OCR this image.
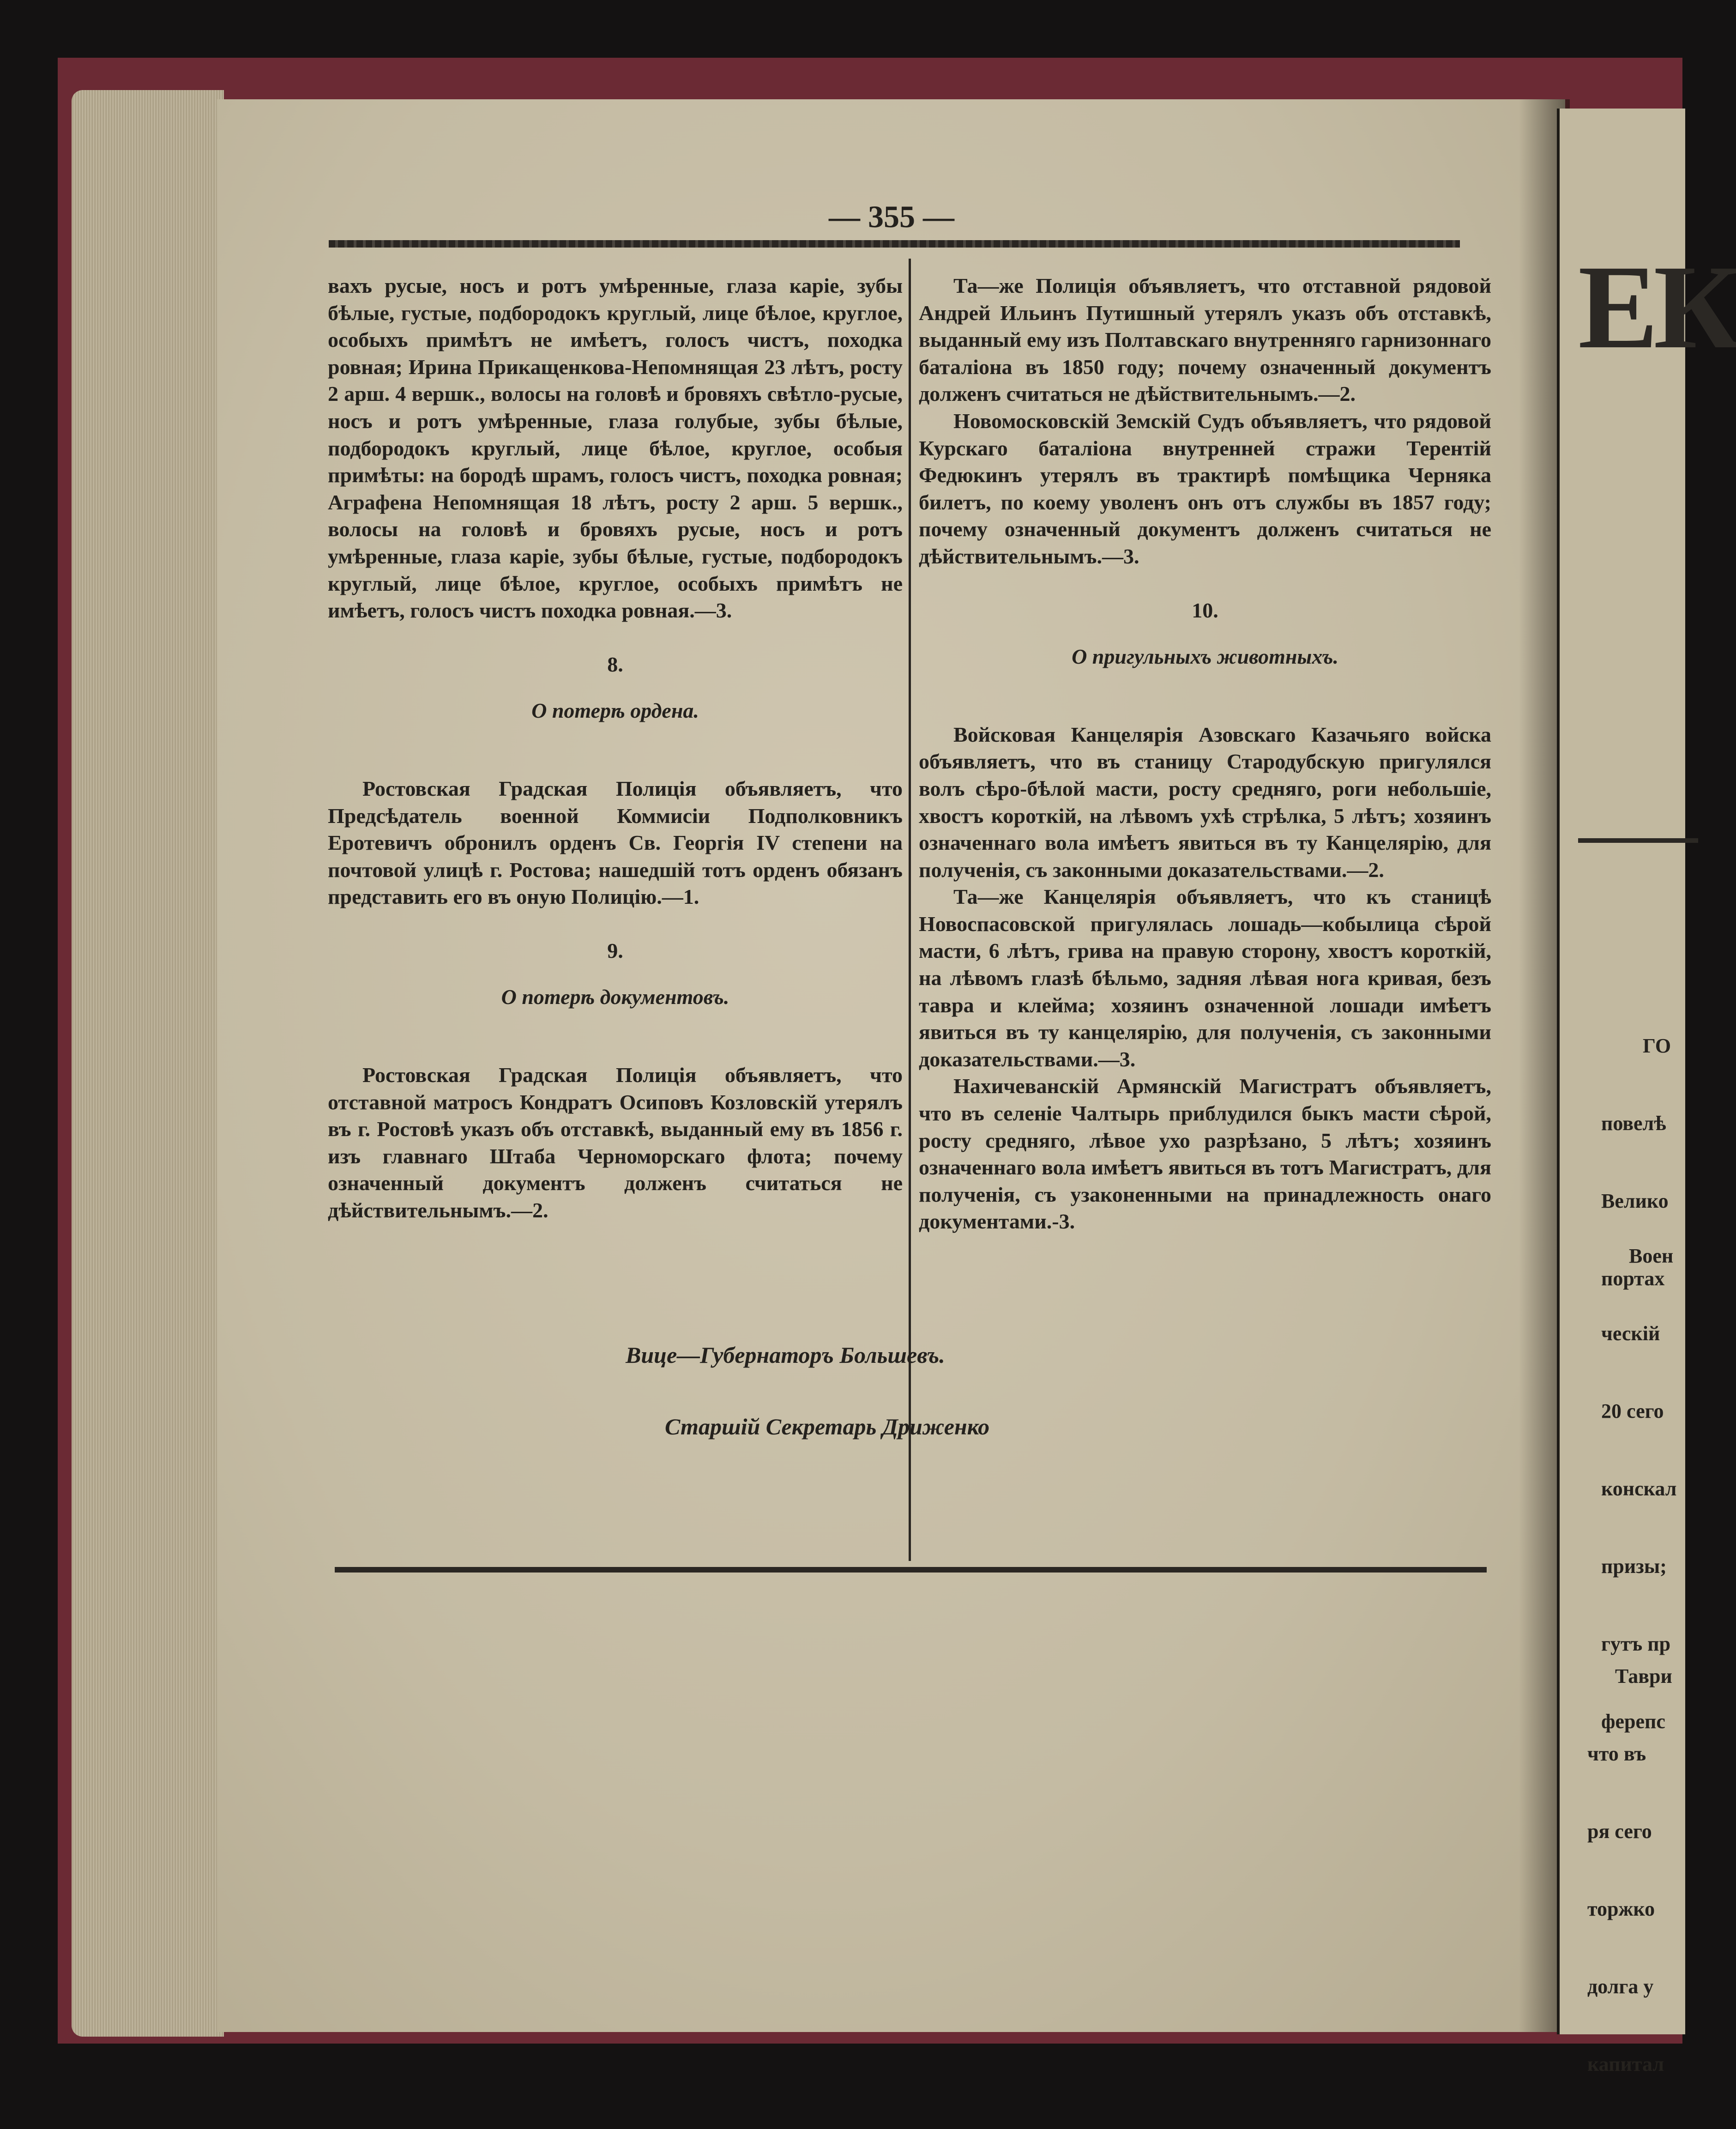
ЕК

ГО

повелѣ

Велико

портах

Воен

ческій

20 сего

конскал

призы;

гутъ пр

ферепс

Таври

что въ

ря сего

торжко

долга у

капитал

— 355 —

вахъ русые, носъ и ротъ умѣренные, глаза каріе, зубы бѣлые, густые, подбородокъ круглый, лице бѣлое, круглое, особыхъ примѣтъ не имѣетъ, голосъ чистъ, походка ровная; Ирина Прикащенкова-Непомнящая 23 лѣтъ, росту 2 арш. 4 вершк., волосы на головѣ и бровяхъ свѣтло-русые, носъ и ротъ умѣренные, глаза голубые, зубы бѣлые, подбородокъ круглый, лице бѣлое, круглое, особыя примѣты: на бородѣ шрамъ, голосъ чистъ, походка ровная; Аграфена Непомнящая 18 лѣтъ, росту 2 арш. 5 вершк., волосы на головѣ и бровяхъ русые, носъ и ротъ умѣренные, глаза каріе, зубы бѣлые, густые, подбородокъ круглый, лице бѣлое, круглое, особыхъ примѣтъ не имѣетъ, голосъ чистъ походка ровная.—3.

8.

О потерѣ ордена.

Ростовская Градская Полиція объявляетъ, что Предсѣдатель военной Коммисіи Подполковникъ Еротевичъ обронилъ орденъ Св. Георгія IV степени на почтовой улицѣ г. Ростова; нашедшій тотъ орденъ обязанъ представить его въ оную Полицію.—1.

9.

О потерѣ документовъ.

Ростовская Градская Полиція объявляетъ, что отставной матросъ Кондратъ Осиповъ Козловскій утерялъ въ г. Ростовѣ указъ объ отставкѣ, выданный ему въ 1856 г. изъ главнаго Штаба Черноморскаго флота; почему означенный документъ долженъ считаться не дѣйствительнымъ.—2.

Та—же Полиція объявляетъ, что отставной рядовой Андрей Ильинъ Путишный утерялъ указъ объ отставкѣ, выданный ему изъ Полтавскаго внутренняго гарнизоннаго баталіона въ 1850 году; почему означенный документъ долженъ считаться не дѣйствительнымъ.—2.

Новомосковскій Земскій Судъ объявляетъ, что рядовой Курскаго баталіона внутренней стражи Терентій Федюкинъ утерялъ въ трактирѣ помѣщика Черняка билетъ, по коему уволенъ онъ отъ службы въ 1857 году; почему означенный документъ долженъ считаться не дѣйствительнымъ.—3.

10.

О пригульныхъ животныхъ.

Войсковая Канцелярія Азовскаго Казачьяго войска объявляетъ, что въ станицу Стародубскую пригулялся волъ сѣро-бѣлой масти, росту средняго, роги небольшіе, хвостъ короткій, на лѣвомъ ухѣ стрѣлка, 5 лѣтъ; хозяинъ означеннаго вола имѣетъ явиться въ ту Канцелярію, для полученія, съ законными доказательствами.—2.

Та—же Канцелярія объявляетъ, что къ станицѣ Новоспасовской пригулялась лошадь—кобылица сѣрой масти, 6 лѣтъ, грива на правую сторону, хвостъ короткій, на лѣвомъ глазѣ бѣльмо, задняя лѣвая нога кривая, безъ тавра и клейма; хозяинъ означенной лошади имѣетъ явиться въ ту канцелярію, для полученія, съ законными доказательствами.—3.

Нахичеванскій Армянскій Магистратъ объявляетъ, что въ селеніе Чалтырь приблудился быкъ масти сѣрой, росту средняго, лѣвое ухо разрѣзано, 5 лѣтъ; хозяинъ означеннаго вола имѣетъ явиться въ тотъ Магистратъ, для полученія, съ узаконенными на принадлежность онаго документами.-3.

Вице—Губернаторъ Большевъ.
Старшій Секретарь Дриженко
